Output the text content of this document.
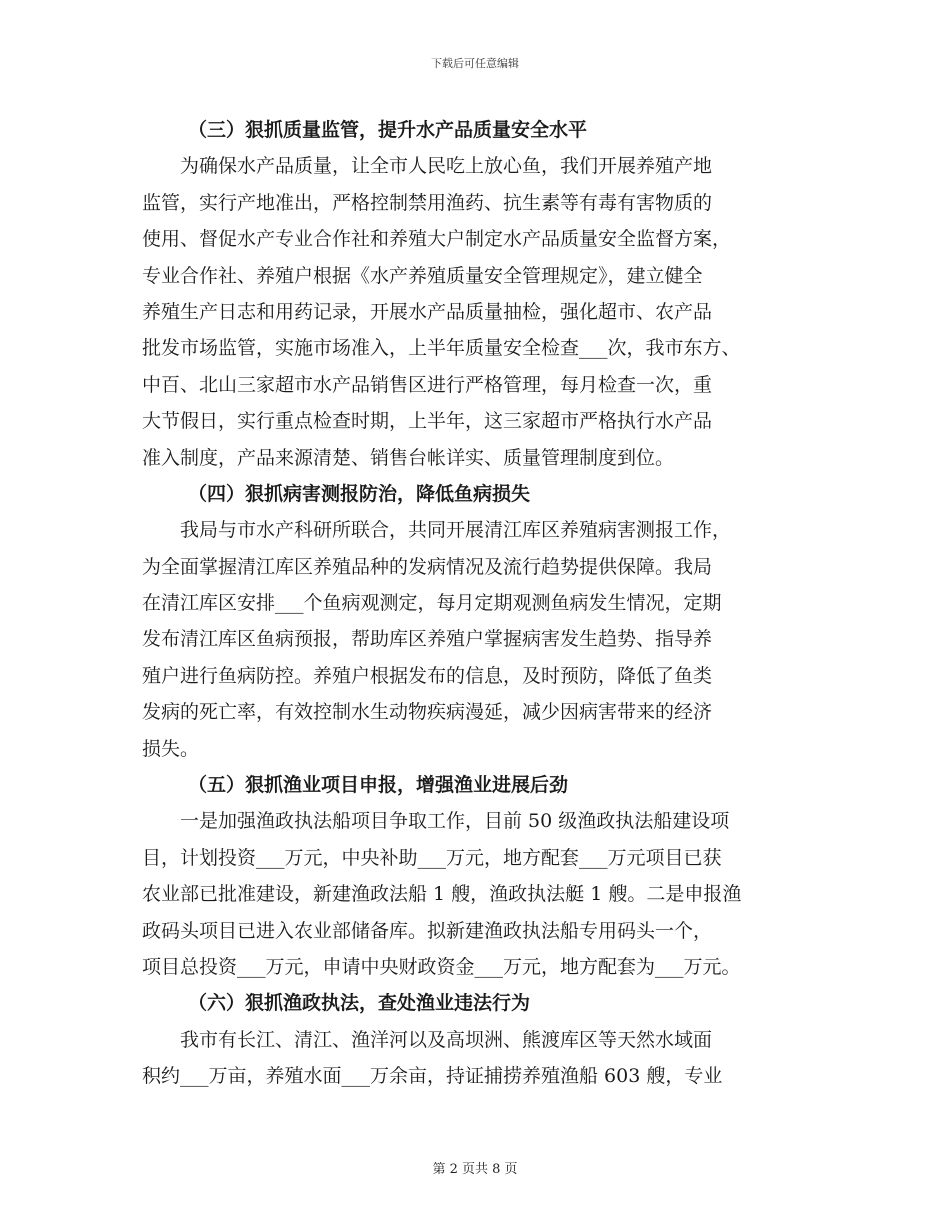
下载后可任意编辑
（三）狠抓质量监管，提升水产品质量安全水平
为确保水产品质量，让全市人民吃上放心鱼，我们开展养殖产地
监管，实行产地准出，严格控制禁用渔药、抗生素等有毒有害物质的
使用、督促水产专业合作社和养殖大户制定水产品质量安全监督方案，
专业合作社、养殖户根据《水产养殖质量安全管理规定》，建立健全
养殖生产日志和用药记录，开展水产品质量抽检，强化超市、农产品
批发市场监管，实施市场准入，上半年质量安全检查___次，我市东方、
中百、北山三家超市水产品销售区进行严格管理，每月检查一次，重
大节假日，实行重点检查时期，上半年，这三家超市严格执行水产品
准入制度，产品来源清楚、销售台帐详实、质量管理制度到位。
（四）狠抓病害测报防治，降低鱼病损失
我局与市水产科研所联合，共同开展清江库区养殖病害测报工作，
为全面掌握清江库区养殖品种的发病情况及流行趋势提供保障。我局
在清江库区安排___个鱼病观测定，每月定期观测鱼病发生情况，定期
发布清江库区鱼病预报，帮助库区养殖户掌握病害发生趋势、指导养
殖户进行鱼病防控。养殖户根据发布的信息，及时预防，降低了鱼类
发病的死亡率，有效控制水生动物疾病漫延，减少因病害带来的经济
损失。
（五）狠抓渔业项目申报，增强渔业进展后劲
一是加强渔政执法船项目争取工作，目前 50 级渔政执法船建设项
目，计划投资___万元，中央补助___万元，地方配套___万元项目已获
农业部已批准建设，新建渔政法船 1 艘，渔政执法艇 1 艘。二是申报渔
政码头项目已进入农业部储备库。拟新建渔政执法船专用码头一个，
项目总投资___万元，申请中央财政资金___万元，地方配套为___万元。
（六）狠抓渔政执法，查处渔业违法行为
我市有长江、清江、渔洋河以及高坝洲、熊渡库区等天然水域面
积约___万亩，养殖水面___万余亩，持证捕捞养殖渔船 603 艘，专业
第 2 页共 8 页
